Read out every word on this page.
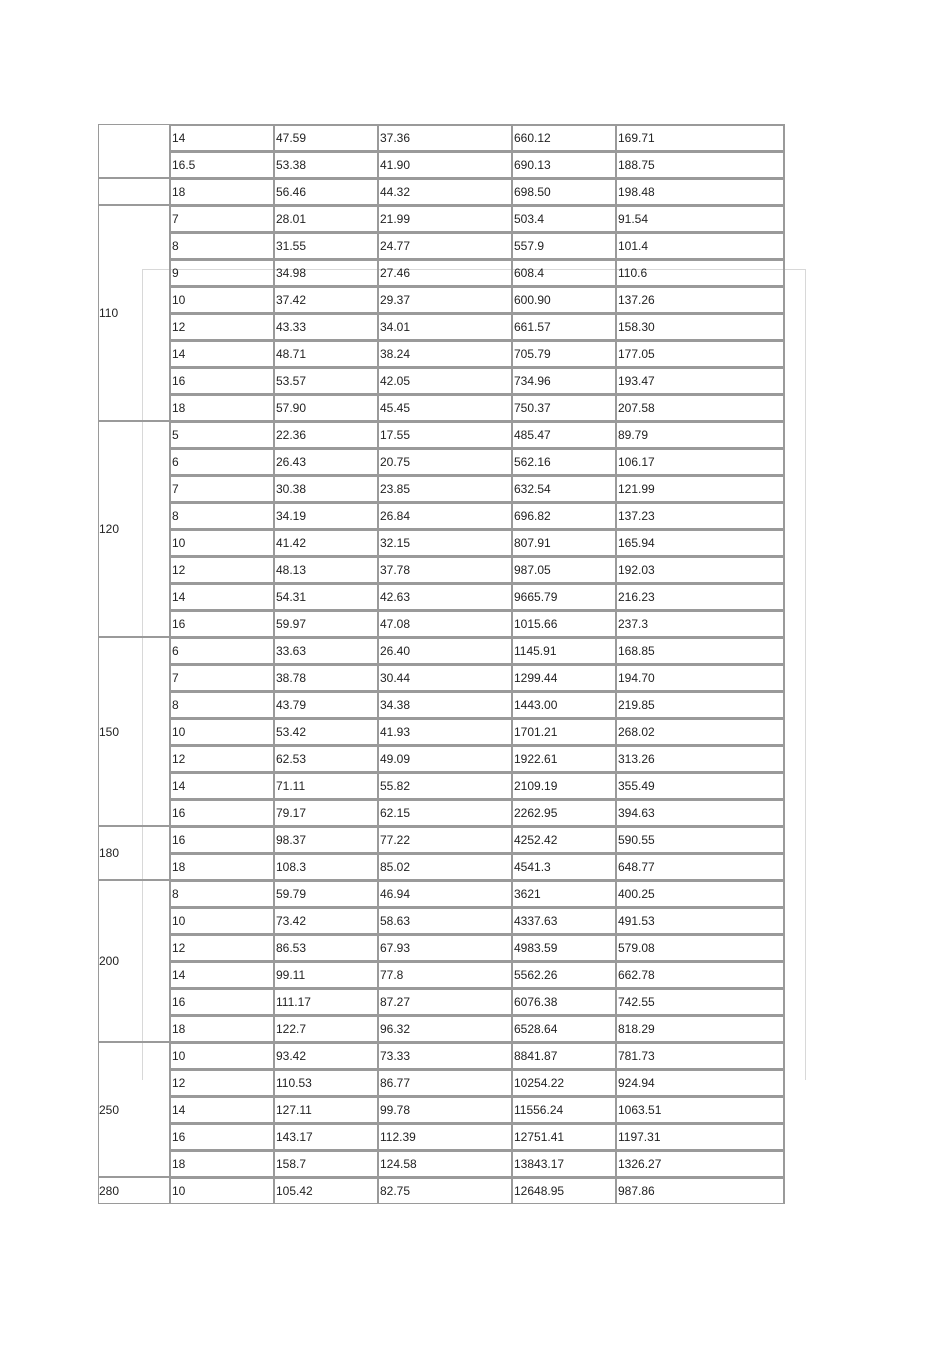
	14	47.59	37.36	660.12	169.71
	16.5	53.38	41.90	690.13	188.75
	18	56.46	44.32	698.50	198.48
110	7	28.01	21.99	503.4	91.54
	8	31.55	24.77	557.9	101.4
	9	34.98	27.46	608.4	110.6
	10	37.42	29.37	600.90	137.26
	12	43.33	34.01	661.57	158.30
	14	48.71	38.24	705.79	177.05
	16	53.57	42.05	734.96	193.47
	18	57.90	45.45	750.37	207.58
120	5	22.36	17.55	485.47	89.79
	6	26.43	20.75	562.16	106.17
	7	30.38	23.85	632.54	121.99
	8	34.19	26.84	696.82	137.23
	10	41.42	32.15	807.91	165.94
	12	48.13	37.78	987.05	192.03
	14	54.31	42.63	9665.79	216.23
	16	59.97	47.08	1015.66	237.3
150	6	33.63	26.40	1145.91	168.85
	7	38.78	30.44	1299.44	194.70
	8	43.79	34.38	1443.00	219.85
	10	53.42	41.93	1701.21	268.02
	12	62.53	49.09	1922.61	313.26
	14	71.11	55.82	2109.19	355.49
	16	79.17	62.15	2262.95	394.63
180	16	98.37	77.22	4252.42	590.55
	18	108.3	85.02	4541.3	648.77
200	8	59.79	46.94	3621	400.25
	10	73.42	58.63	4337.63	491.53
	12	86.53	67.93	4983.59	579.08
	14	99.11	77.8	5562.26	662.78
	16	111.17	87.27	6076.38	742.55
	18	122.7	96.32	6528.64	818.29
250	10	93.42	73.33	8841.87	781.73
	12	110.53	86.77	10254.22	924.94
	14	127.11	99.78	11556.24	1063.51
	16	143.17	112.39	12751.41	1197.31
	18	158.7	124.58	13843.17	1326.27
280	10	105.42	82.75	12648.95	987.86
